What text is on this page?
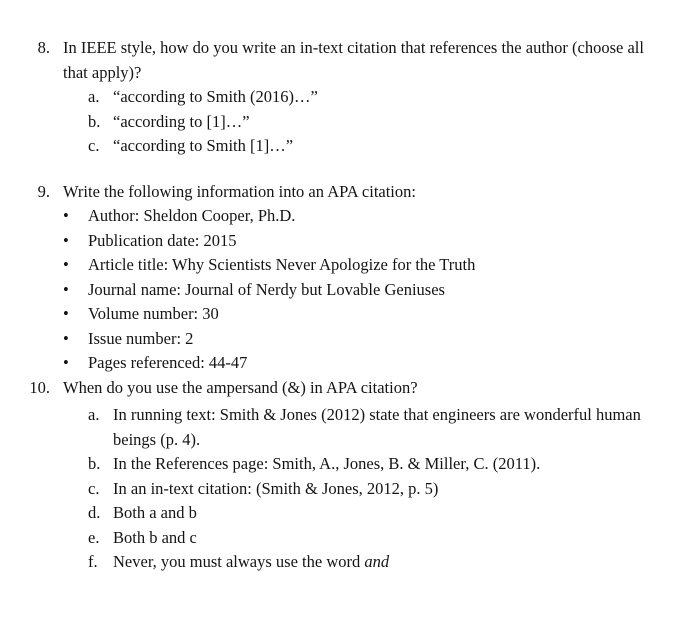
8. In IEEE style, how do you write an in-text citation that references the author (choose all that apply)?
a. “according to Smith (2016)…”
b. “according to [1]…”
c. “according to Smith [1]…”
9. Write the following information into an APA citation:
•	Author: Sheldon Cooper, Ph.D.
•	Publication date: 2015
•	Article title: Why Scientists Never Apologize for the Truth
•	Journal name: Journal of Nerdy but Lovable Geniuses
•	Volume number: 30
•	Issue number: 2
•	Pages referenced: 44-47
10. When do you use the ampersand (&) in APA citation?
a. In running text: Smith & Jones (2012) state that engineers are wonderful human beings (p. 4).
b. In the References page: Smith, A., Jones, B. & Miller, C. (2011).
c. In an in-text citation: (Smith & Jones, 2012, p. 5)
d. Both a and b
e. Both b and c
f. Never, you must always use the word and
